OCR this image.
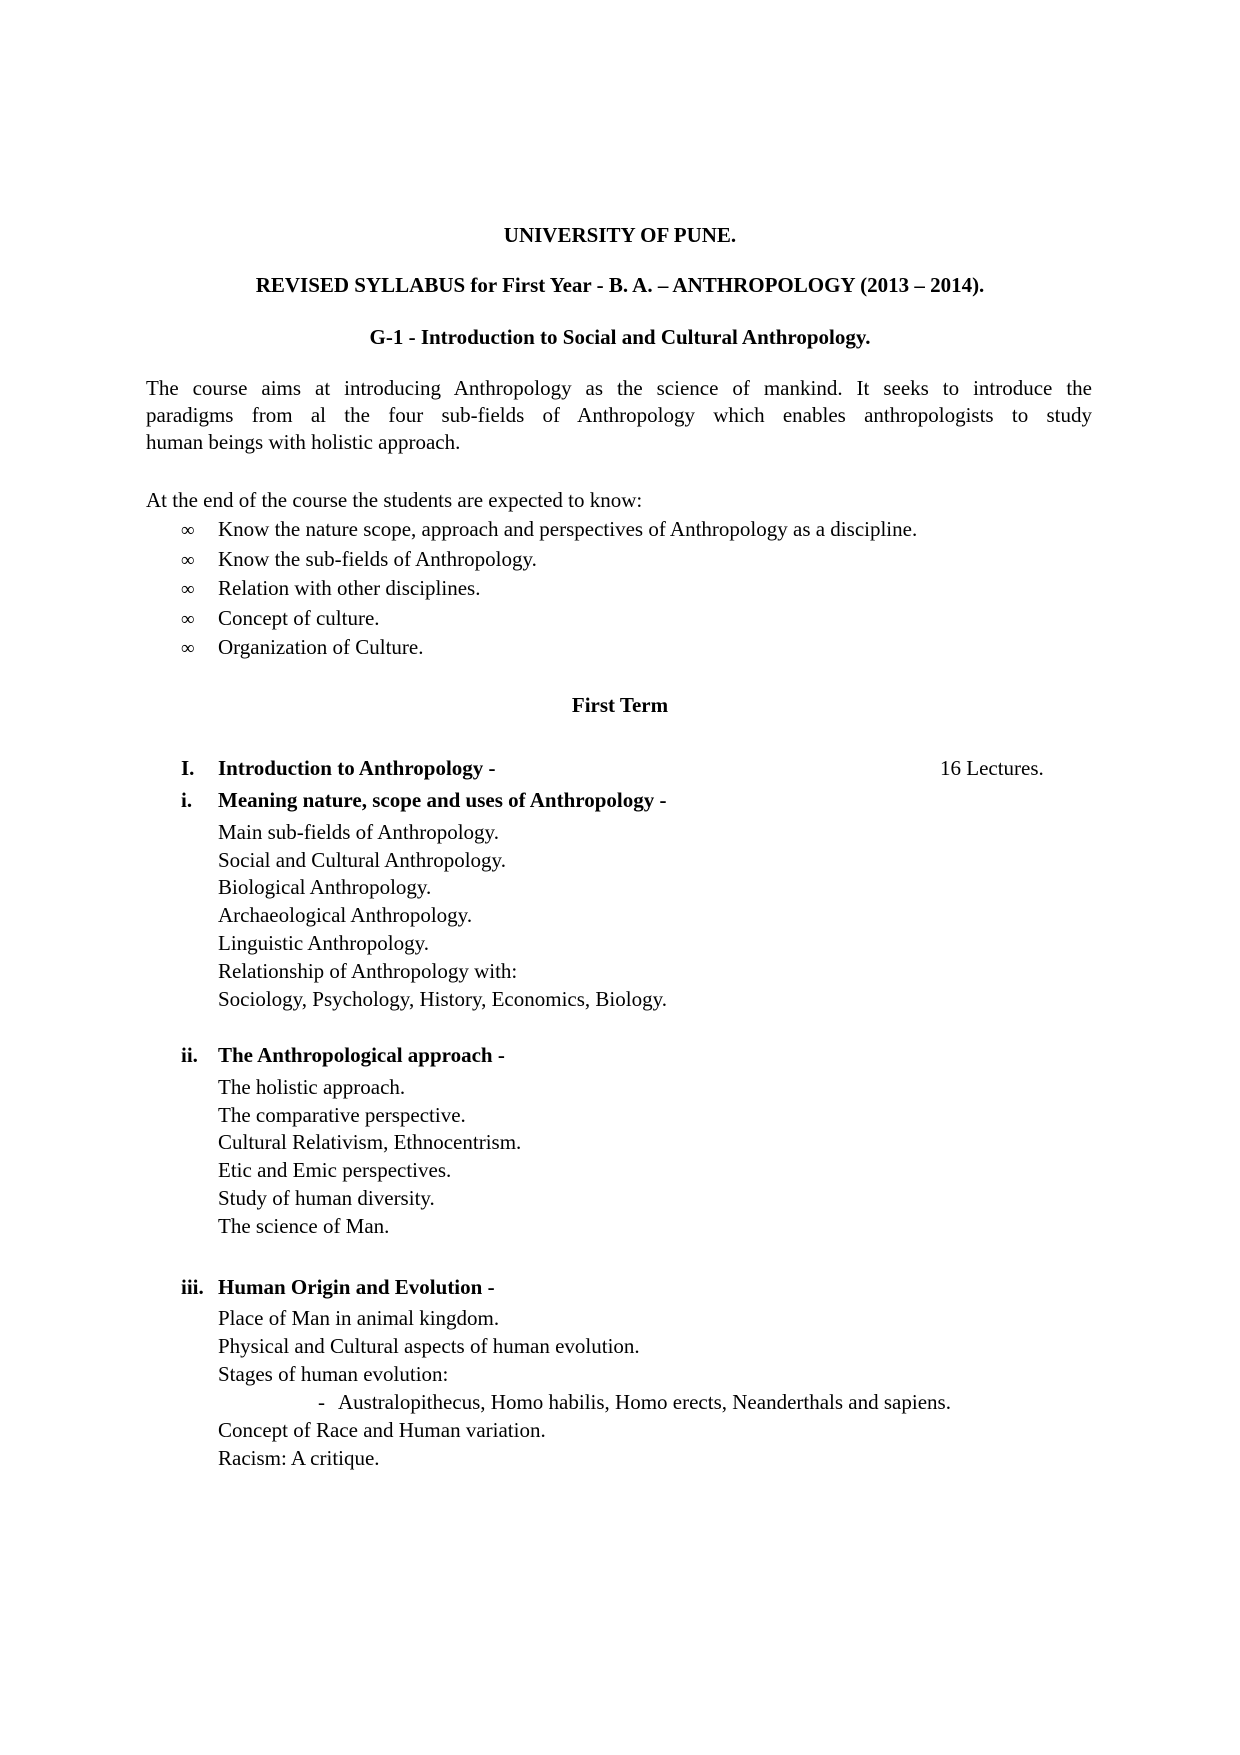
UNIVERSITY OF PUNE.
REVISED SYLLABUS for First Year - B. A. – ANTHROPOLOGY (2013 – 2014).
G-1 - Introduction to Social and Cultural Anthropology.
The course aims at introducing Anthropology as the science of mankind. It seeks to introduce the
paradigms from al the four sub-fields of Anthropology which enables anthropologists to study
human beings with holistic approach.
At the end of the course the students are expected to know:
∞ Know the nature scope, approach and perspectives of Anthropology as a discipline.
∞ Know the sub-fields of Anthropology.
∞ Relation with other disciplines.
∞ Concept of culture.
∞ Organization of Culture.
First Term
I. Introduction to Anthropology -	16 Lectures.
i. Meaning nature, scope and uses of Anthropology -
Main sub-fields of Anthropology.
Social and Cultural Anthropology.
Biological Anthropology.
Archaeological Anthropology.
Linguistic Anthropology.
Relationship of Anthropology with:
Sociology, Psychology, History, Economics, Biology.
ii. The Anthropological approach -
The holistic approach.
The comparative perspective.
Cultural Relativism, Ethnocentrism.
Etic and Emic perspectives.
Study of human diversity.
The science of Man.
iii. Human Origin and Evolution -
Place of Man in animal kingdom.
Physical and Cultural aspects of human evolution.
Stages of human evolution:
- Australopithecus, Homo habilis, Homo erects, Neanderthals and sapiens.
Concept of Race and Human variation.
Racism: A critique.
